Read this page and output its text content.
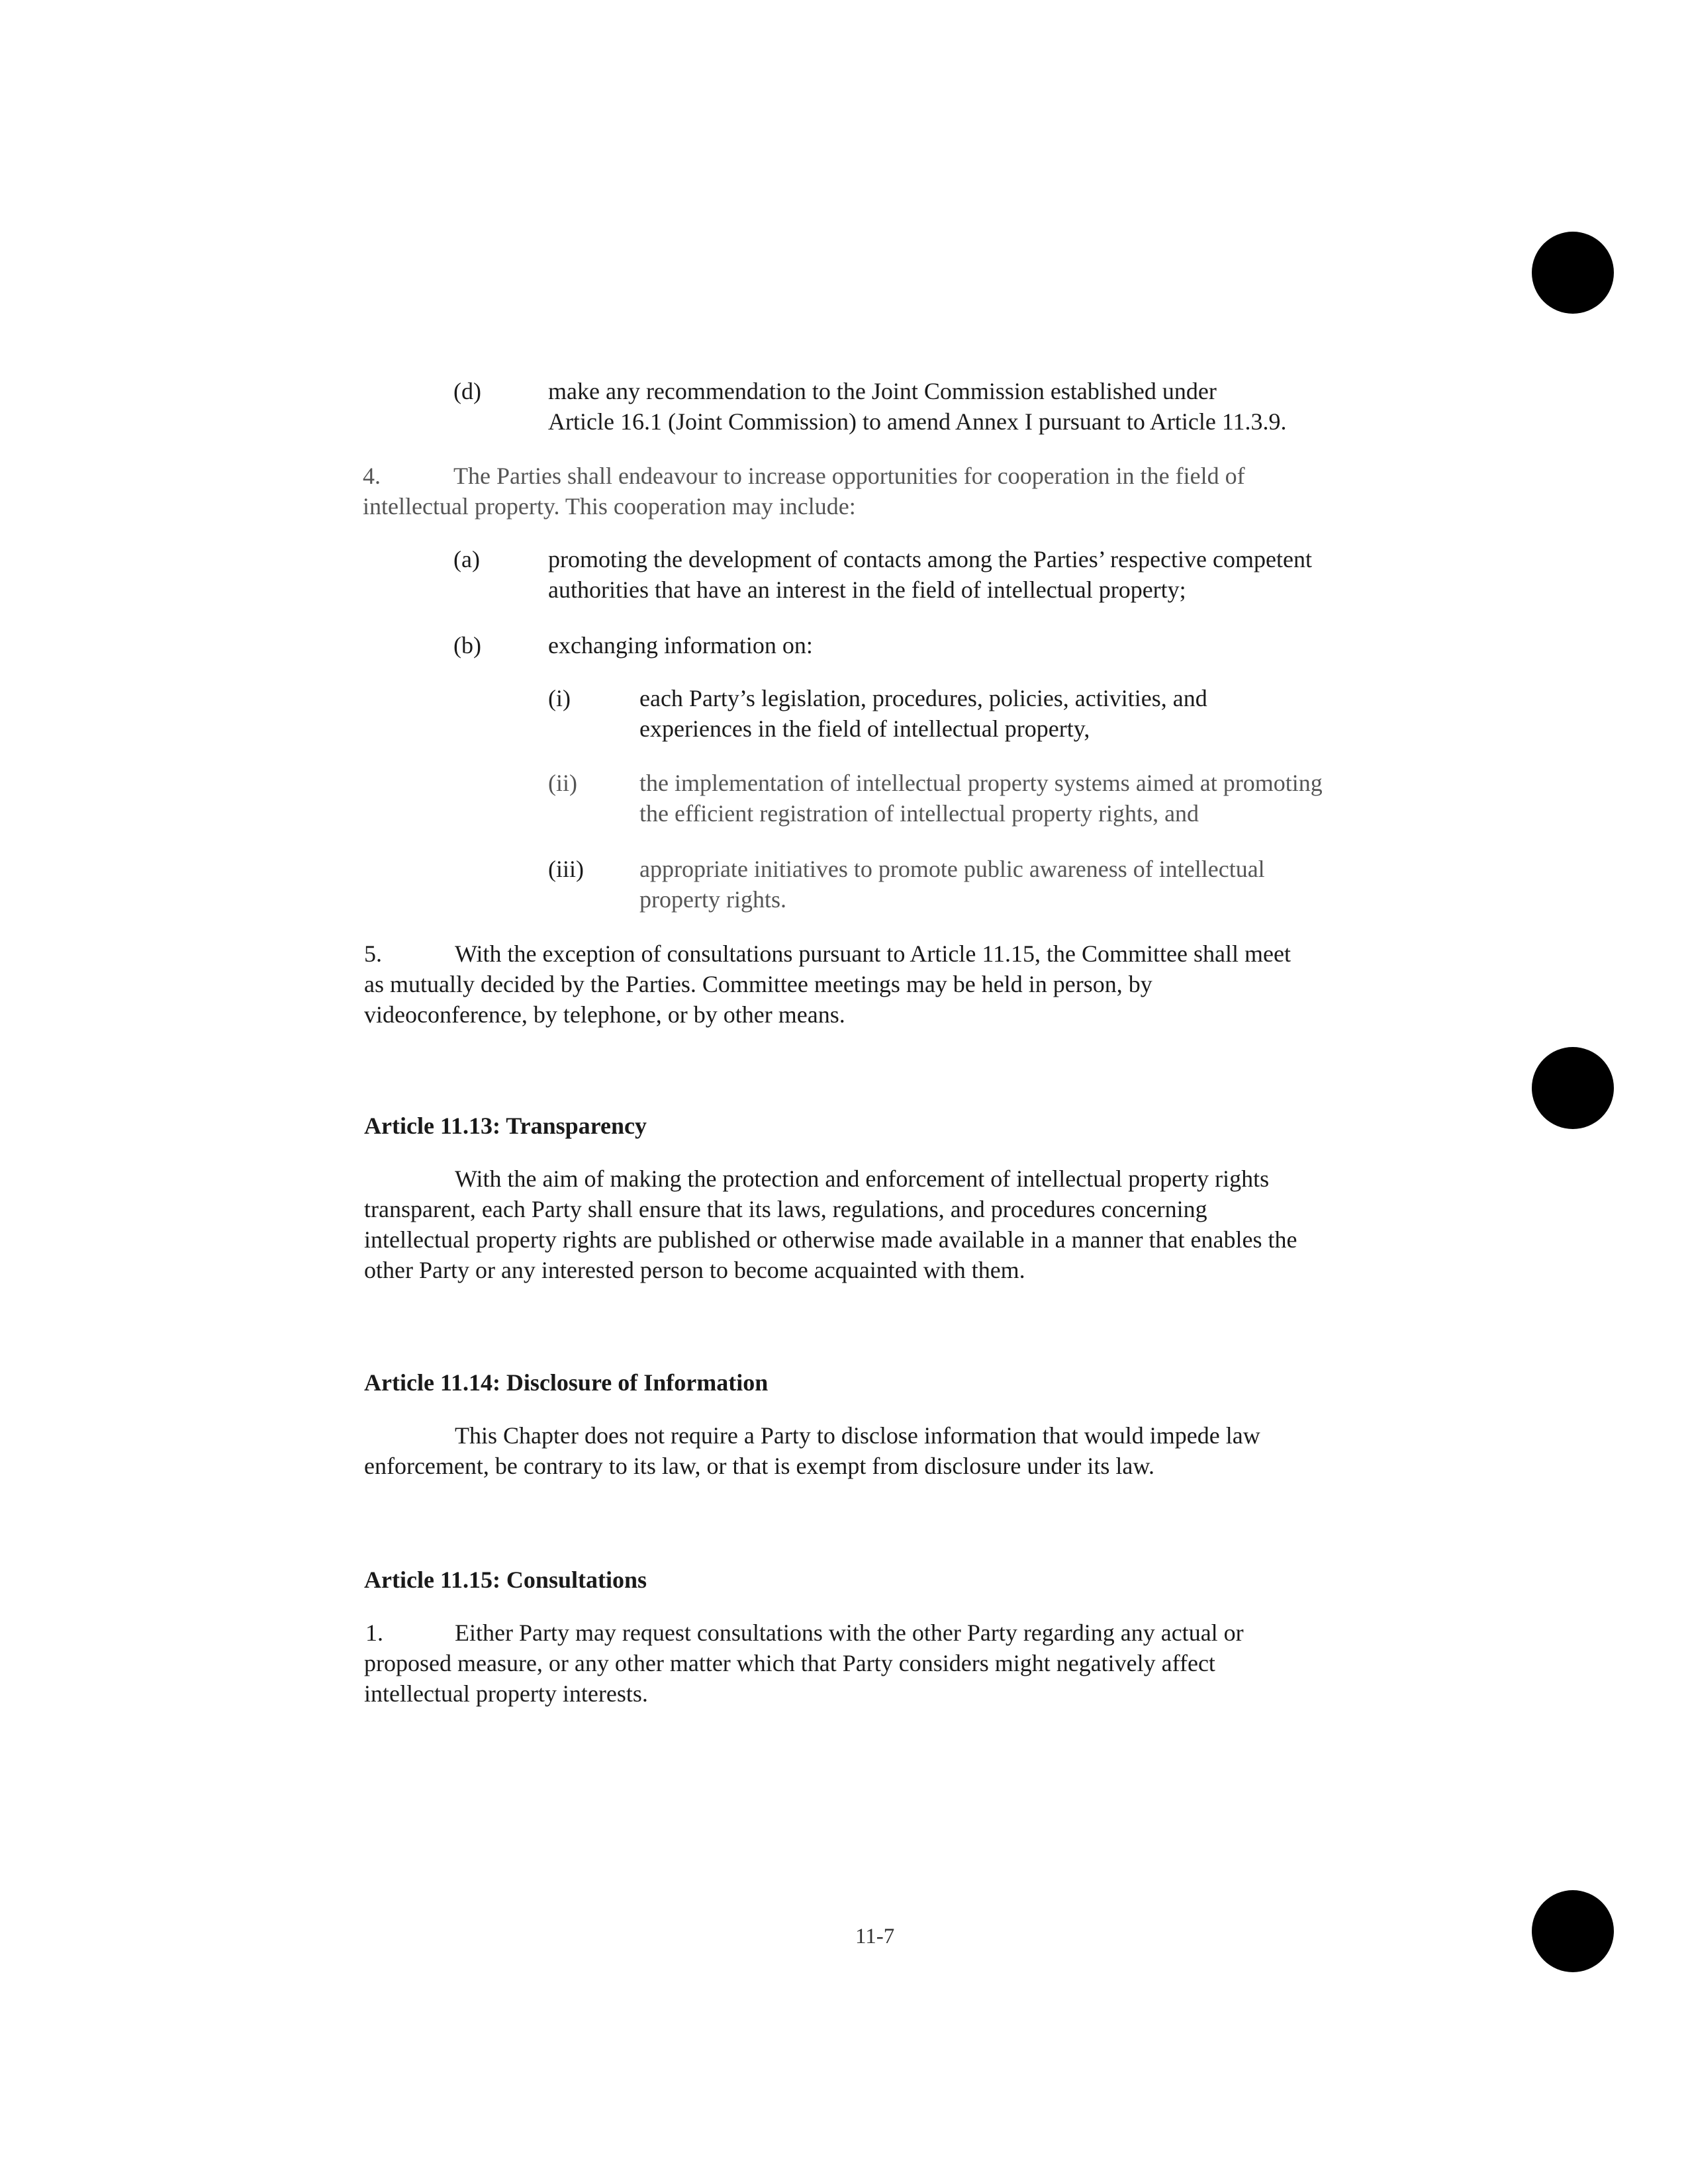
(d)	make any recommendation to the Joint Commission established under
Article 16.1 (Joint Commission) to amend Annex I pursuant to Article 11.3.9.
4.	The Parties shall endeavour to increase opportunities for cooperation in the field of
intellectual property. This cooperation may include:
(a)	promoting the development of contacts among the Parties’ respective competent
authorities that have an interest in the field of intellectual property;
(b)	exchanging information on:
(i)	each Party’s legislation, procedures, policies, activities, and
experiences in the field of intellectual property,
(ii)	the implementation of intellectual property systems aimed at promoting
the efficient registration of intellectual property rights, and
(iii) appropriate initiatives to promote public awareness of intellectual
property rights.
5.	With the exception of consultations pursuant to Article 11.15, the Committee shall meet
as mutually decided by the Parties. Committee meetings may be held in person, by
videoconference, by telephone, or by other means.
Article 11.13: Transparency
With the aim of making the protection and enforcement of intellectual property rights
transparent, each Party shall ensure that its laws, regulations, and procedures concerning
intellectual property rights are published or otherwise made available in a manner that enables the
other Party or any interested person to become acquainted with them.
Article 11.14: Disclosure of Information
This Chapter does not require a Party to disclose information that would impede law
enforcement, be contrary to its law, or that is exempt from disclosure under its law.
Article 11.15: Consultations
1.	Either Party may request consultations with the other Party regarding any actual or
proposed measure, or any other matter which that Party considers might negatively affect
intellectual property interests.
11-7
